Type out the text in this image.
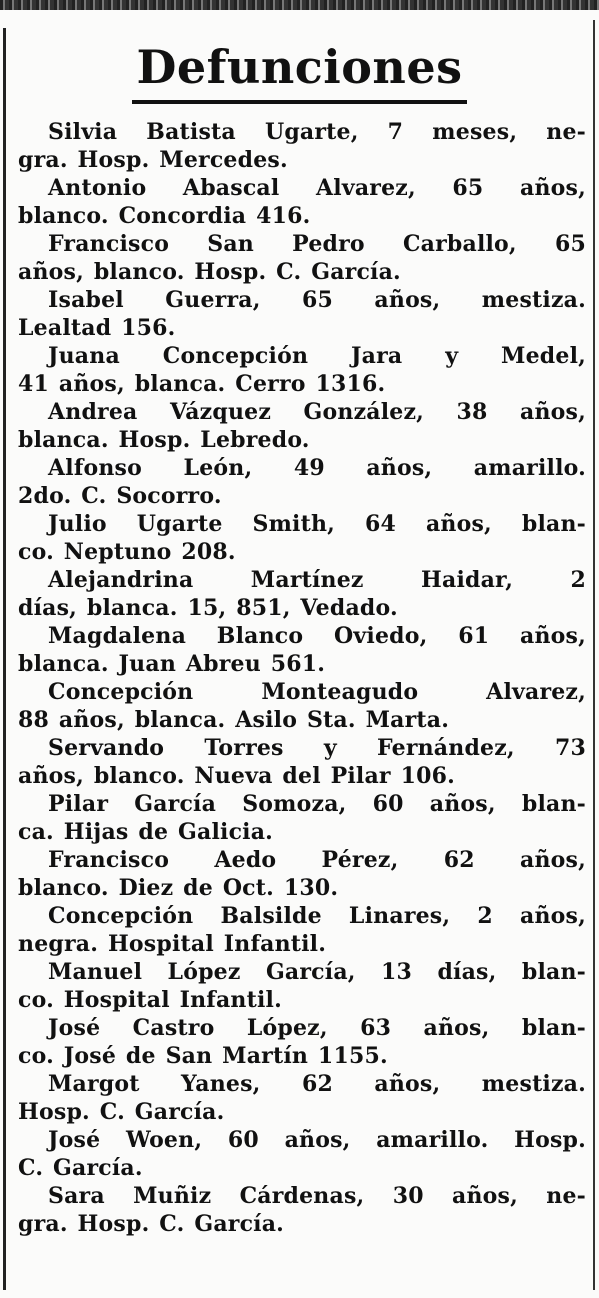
Defunciones
Silvia Batista Ugarte, 7 meses, ne-
gra. Hosp. Mercedes.
Antonio Abascal Alvarez, 65 años,
blanco. Concordia 416.
Francisco San Pedro Carballo, 65
años, blanco. Hosp. C. García.
Isabel Guerra, 65 años, mestiza.
Lealtad 156.
Juana Concepción Jara y Medel,
41 años, blanca. Cerro 1316.
Andrea Vázquez González, 38 años,
blanca. Hosp. Lebredo.
Alfonso León, 49 años, amarillo.
2do. C. Socorro.
Julio Ugarte Smith, 64 años, blan-
co. Neptuno 208.
Alejandrina Martínez Haidar, 2
días, blanca. 15, 851, Vedado.
Magdalena Blanco Oviedo, 61 años,
blanca. Juan Abreu 561.
Concepción Monteagudo Alvarez,
88 años, blanca. Asilo Sta. Marta.
Servando Torres y Fernández, 73
años, blanco. Nueva del Pilar 106.
Pilar García Somoza, 60 años, blan-
ca. Hijas de Galicia.
Francisco Aedo Pérez, 62 años,
blanco. Diez de Oct. 130.
Concepción Balsilde Linares, 2 años,
negra. Hospital Infantil.
Manuel López García, 13 días, blan-
co. Hospital Infantil.
José Castro López, 63 años, blan-
co. José de San Martín 1155.
Margot Yanes, 62 años, mestiza.
Hosp. C. García.
José Woen, 60 años, amarillo. Hosp.
C. García.
Sara Muñiz Cárdenas, 30 años, ne-
gra. Hosp. C. García.
